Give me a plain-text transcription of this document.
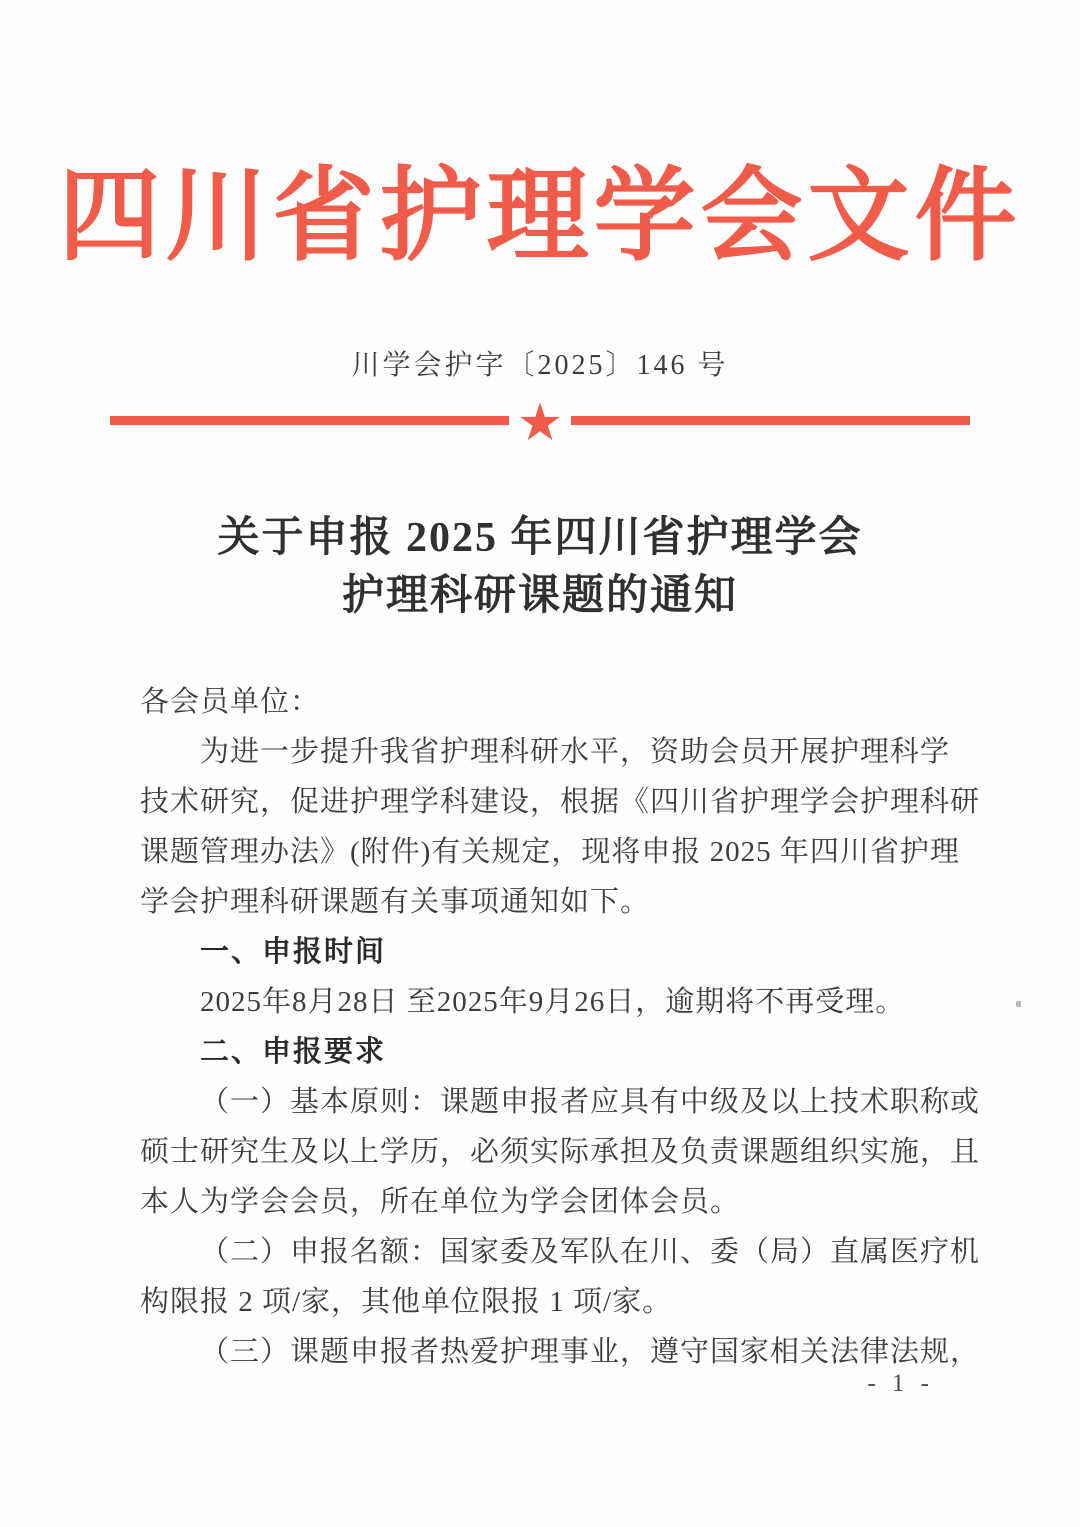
四川省护理学会文件
川学会护字〔2025〕146 号
★
关于申报 2025 年四川省护理学会
护理科研课题的通知
各会员单位：
为进一步提升我省护理科研水平，资助会员开展护理科学
技术研究，促进护理学科建设，根据《四川省护理学会护理科研
课题管理办法》(附件)有关规定，现将申报 2025 年四川省护理
学会护理科研课题有关事项通知如下。
一、申报时间
2025年8月28日 至2025年9月26日，逾期将不再受理。
二、申报要求
（一）基本原则：课题申报者应具有中级及以上技术职称或
硕士研究生及以上学历，必须实际承担及负责课题组织实施，且
本人为学会会员，所在单位为学会团体会员。
（二）申报名额：国家委及军队在川、委（局）直属医疗机
构限报 2 项/家，其他单位限报 1 项/家。
（三）课题申报者热爱护理事业，遵守国家相关法律法规，
- 1 -
